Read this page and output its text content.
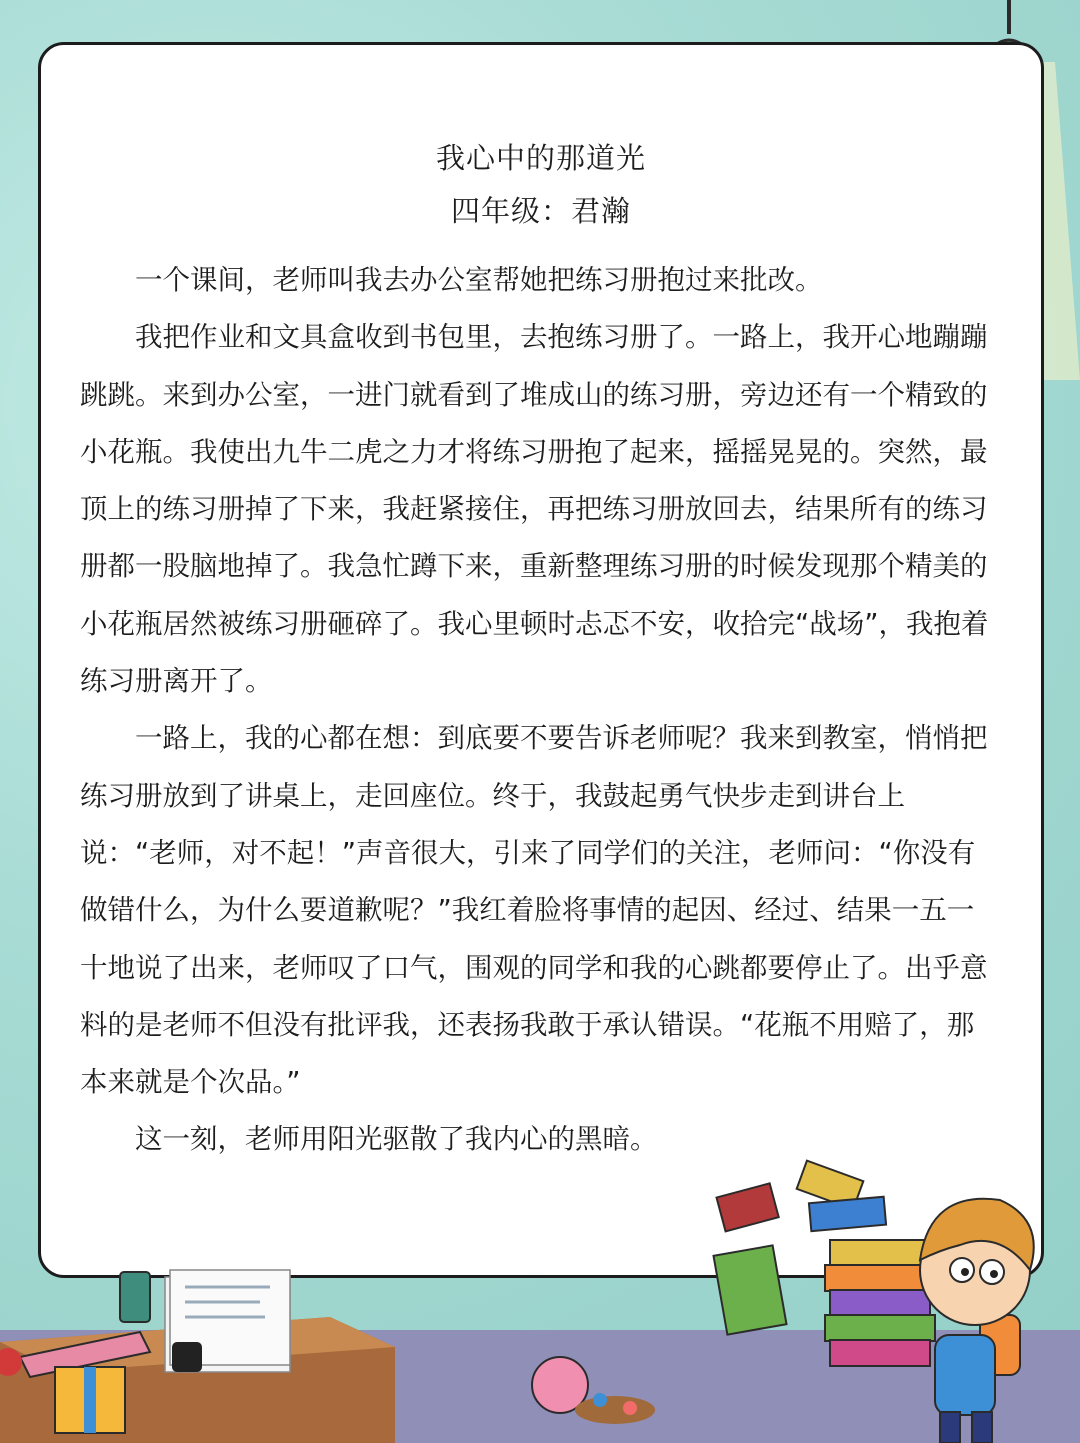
我心中的那道光
四年级：君瀚

一个课间，老师叫我去办公室帮她把练习册抱过来批改。

我把作业和文具盒收到书包里，去抱练习册了。一路上，我开心地蹦蹦跳跳。来到办公室，一进门就看到了堆成山的练习册，旁边还有一个精致的小花瓶。我使出九牛二虎之力才将练习册抱了起来，摇摇晃晃的。突然，最顶上的练习册掉了下来，我赶紧接住，再把练习册放回去，结果所有的练习册都一股脑地掉了。我急忙蹲下来，重新整理练习册的时候发现那个精美的小花瓶居然被练习册砸碎了。我心里顿时忐忑不安，收拾完“战场”，我抱着练习册离开了。

一路上，我的心都在想：到底要不要告诉老师呢？我来到教室，悄悄把练习册放到了讲桌上，走回座位。终于，我鼓起勇气快步走到讲台上说：“老师，对不起！”声音很大，引来了同学们的关注，老师问：“你没有做错什么，为什么要道歉呢？”我红着脸将事情的起因、经过、结果一五一十地说了出来，老师叹了口气，围观的同学和我的心跳都要停止了。出乎意料的是老师不但没有批评我，还表扬我敢于承认错误。“花瓶不用赔了，那本来就是个次品。”

这一刻，老师用阳光驱散了我内心的黑暗。
